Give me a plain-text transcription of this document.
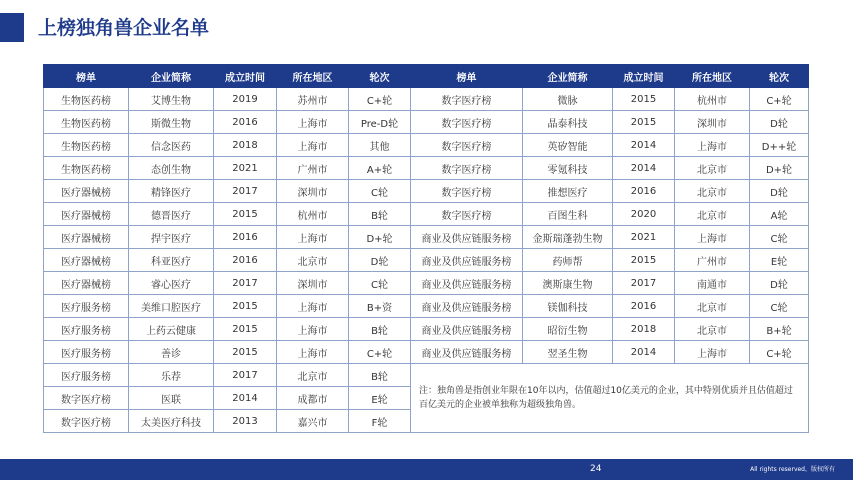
上榜独角兽企业名单
榜单	企业简称	成立时间	所在地区	轮次	榜单	企业简称	成立时间	所在地区	轮次
生物医药榜	艾博生物	2019	苏州市	C+轮	数字医疗榜	微脉	2015	杭州市	C+轮
生物医药榜	斯微生物	2016	上海市	Pre-D轮	数字医疗榜	晶泰科技	2015	深圳市	D轮
生物医药榜	信念医药	2018	上海市	其他	数字医疗榜	英矽智能	2014	上海市	D++轮
生物医药榜	态创生物	2021	广州市	A+轮	数字医疗榜	零氪科技	2014	北京市	D+轮
医疗器械榜	精锋医疗	2017	深圳市	C轮	数字医疗榜	推想医疗	2016	北京市	D轮
医疗器械榜	德晋医疗	2015	杭州市	B轮	数字医疗榜	百图生科	2020	北京市	A轮
医疗器械榜	捍宇医疗	2016	上海市	D+轮	商业及供应链服务榜	金斯瑞蓬勃生物	2021	上海市	C轮
医疗器械榜	科亚医疗	2016	北京市	D轮	商业及供应链服务榜	药师帮	2015	广州市	E轮
医疗器械榜	睿心医疗	2017	深圳市	C轮	商业及供应链服务榜	澳斯康生物	2017	南通市	D轮
医疗服务榜	美维口腔医疗	2015	上海市	B+资	商业及供应链服务榜	镁伽科技	2016	北京市	C轮
医疗服务榜	上药云健康	2015	上海市	B轮	商业及供应链服务榜	昭衍生物	2018	北京市	B+轮
医疗服务榜	善诊	2015	上海市	C+轮	商业及供应链服务榜	翌圣生物	2014	上海市	C+轮
医疗服务榜	乐荐	2017	北京市	B轮	注：独角兽是指创业年限在10年以内，估值超过10亿美元的企业，其中特别优质并且估值超过百亿美元的企业被单独称为超级独角兽。				
数字医疗榜	医联	2014	成都市	E轮					
数字医疗榜	太美医疗科技	2013	嘉兴市	F轮					
24	All rights reserved，版权所有
